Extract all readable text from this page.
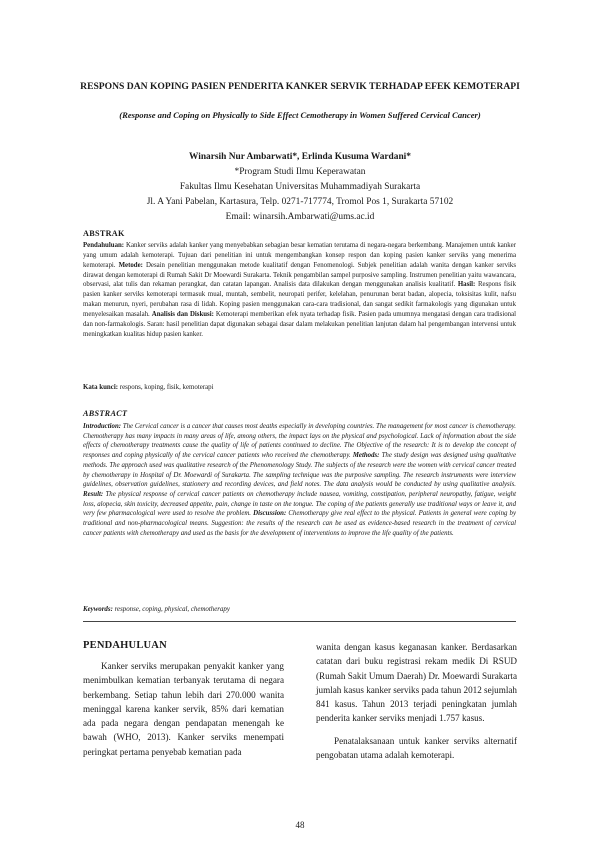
RESPONS DAN KOPING PASIEN PENDERITA KANKER SERVIK TERHADAP EFEK KEMOTERAPI
(Response and Coping on Physically to Side Effect Cemotherapy in Women Suffered Cervical Cancer)
Winarsih Nur Ambarwati*, Erlinda Kusuma Wardani*
*Program Studi Ilmu Keperawatan
Fakultas Ilmu Kesehatan Universitas Muhammadiyah Surakarta
Jl. A Yani Pabelan, Kartasura, Telp. 0271-717774, Tromol Pos 1, Surakarta 57102
Email: winarsih.Ambarwati@ums.ac.id
ABSTRAK
Pendahuluan: Kanker serviks adalah kanker yang menyebabkan sebagian besar kematian terutama di negara-negara berkembang. Manajemen untuk kanker yang umum adalah kemoterapi. Tujuan dari penelitian ini untuk mengembangkan konsep respon dan koping pasien kanker serviks yang menerima kemoterapi. Metode: Desain penelitian menggunakan metode kualitatif dengan Fenomenologi. Subjek penelitian adalah wanita dengan kanker serviks dirawat dengan kemoterapi di Rumah Sakit Dr Moewardi Surakarta. Teknik pengambilan sampel purposive sampling. Instrumen penelitian yaitu wawancara, observasi, alat tulis dan rekaman perangkat, dan catatan lapangan. Analisis data dilakukan dengan menggunakan analisis kualitatif. Hasil: Respons fisik pasien kanker serviks kemoterapi termasuk mual, muntah, sembelit, neuropati perifer, kelelahan, penurunan berat badan, alopecia, toksisitas kulit, nafsu makan menurun, nyeri, perubahan rasa di lidah. Koping pasien menggunakan cara-cara tradisional, dan sangat sedikit farmakologis yang digunakan untuk menyelesaikan masalah. Analisis dan Diskusi: Kemoterapi memberikan efek nyata terhadap fisik. Pasien pada umumnya mengatasi dengan cara tradisional dan non-farmakologis. Saran: hasil penelitian dapat digunakan sebagai dasar dalam melakukan penelitian lanjutan dalam hal pengembangan intervensi untuk meningkatkan kualitas hidup pasien kanker.
Kata kunci: respons, koping, fisik, kemoterapi
ABSTRACT
Introduction: The Cervical cancer is a cancer that causes most deaths especially in developing countries. The management for most cancer is chemotherapy. Chemotherapy has many impacts in many areas of life, among others, the impact lays on the physical and psychological. Lack of information about the side effects of chemotherapy treatments cause the quality of life of patients continued to decline. The Objective of the research: It is to develop the concept of responses and coping physically of the cervical cancer patients who received the chemotherapy. Methods: The study design was designed using qualitative methods. The approach used was qualitative research of the Phenomenology Study. The subjects of the research were the women with cervical cancer treated by chemotherapy in Hospital of Dr. Moewardi of Surakarta. The sampling technique was the purposive sampling. The research instruments were interview guidelines, observation guidelines, stationery and recording devices, and field notes. The data analysis would be conducted by using qualitative analysis. Result: The physical response of cervical cancer patients on chemotherapy include nausea, vomiting, constipation, peripheral neuropathy, fatigue, weight loss, alopecia, skin toxicity, decreased appetite, pain, change in taste on the tongue. The coping of the patients generally use traditional ways or leave it, and very few pharmacological were used to resolve the problem. Discussion: Chemotherapy give real effect to the physical. Patients in general were coping by traditional and non-pharmacological means. Suggestion: the results of the research can be used as evidence-based research in the treatment of cervical cancer patients with chemotherapy and used as the basis for the development of interventions to improve the life quality of the patients.
Keywords: response, coping, physical, chemotherapy
PENDAHULUAN

Kanker serviks merupakan penyakit kanker yang menimbulkan kematian terbanyak terutama di negara berkembang. Setiap tahun lebih dari 270.000 wanita meninggal karena kanker servik, 85% dari kematian ada pada negara dengan pendapatan menengah ke bawah (WHO, 2013). Kanker serviks menempati peringkat pertama penyebab kematian pada

wanita dengan kasus keganasan kanker. Berdasarkan catatan dari buku registrasi rekam medik Di RSUD (Rumah Sakit Umum Daerah) Dr. Moewardi Surakarta jumlah kasus kanker serviks pada tahun 2012 sejumlah 841 kasus. Tahun 2013 terjadi peningkatan jumlah penderita kanker serviks menjadi 1.757 kasus.

Penatalaksanaan untuk kanker serviks alternatif pengobatan utama adalah kemoterapi.

48
